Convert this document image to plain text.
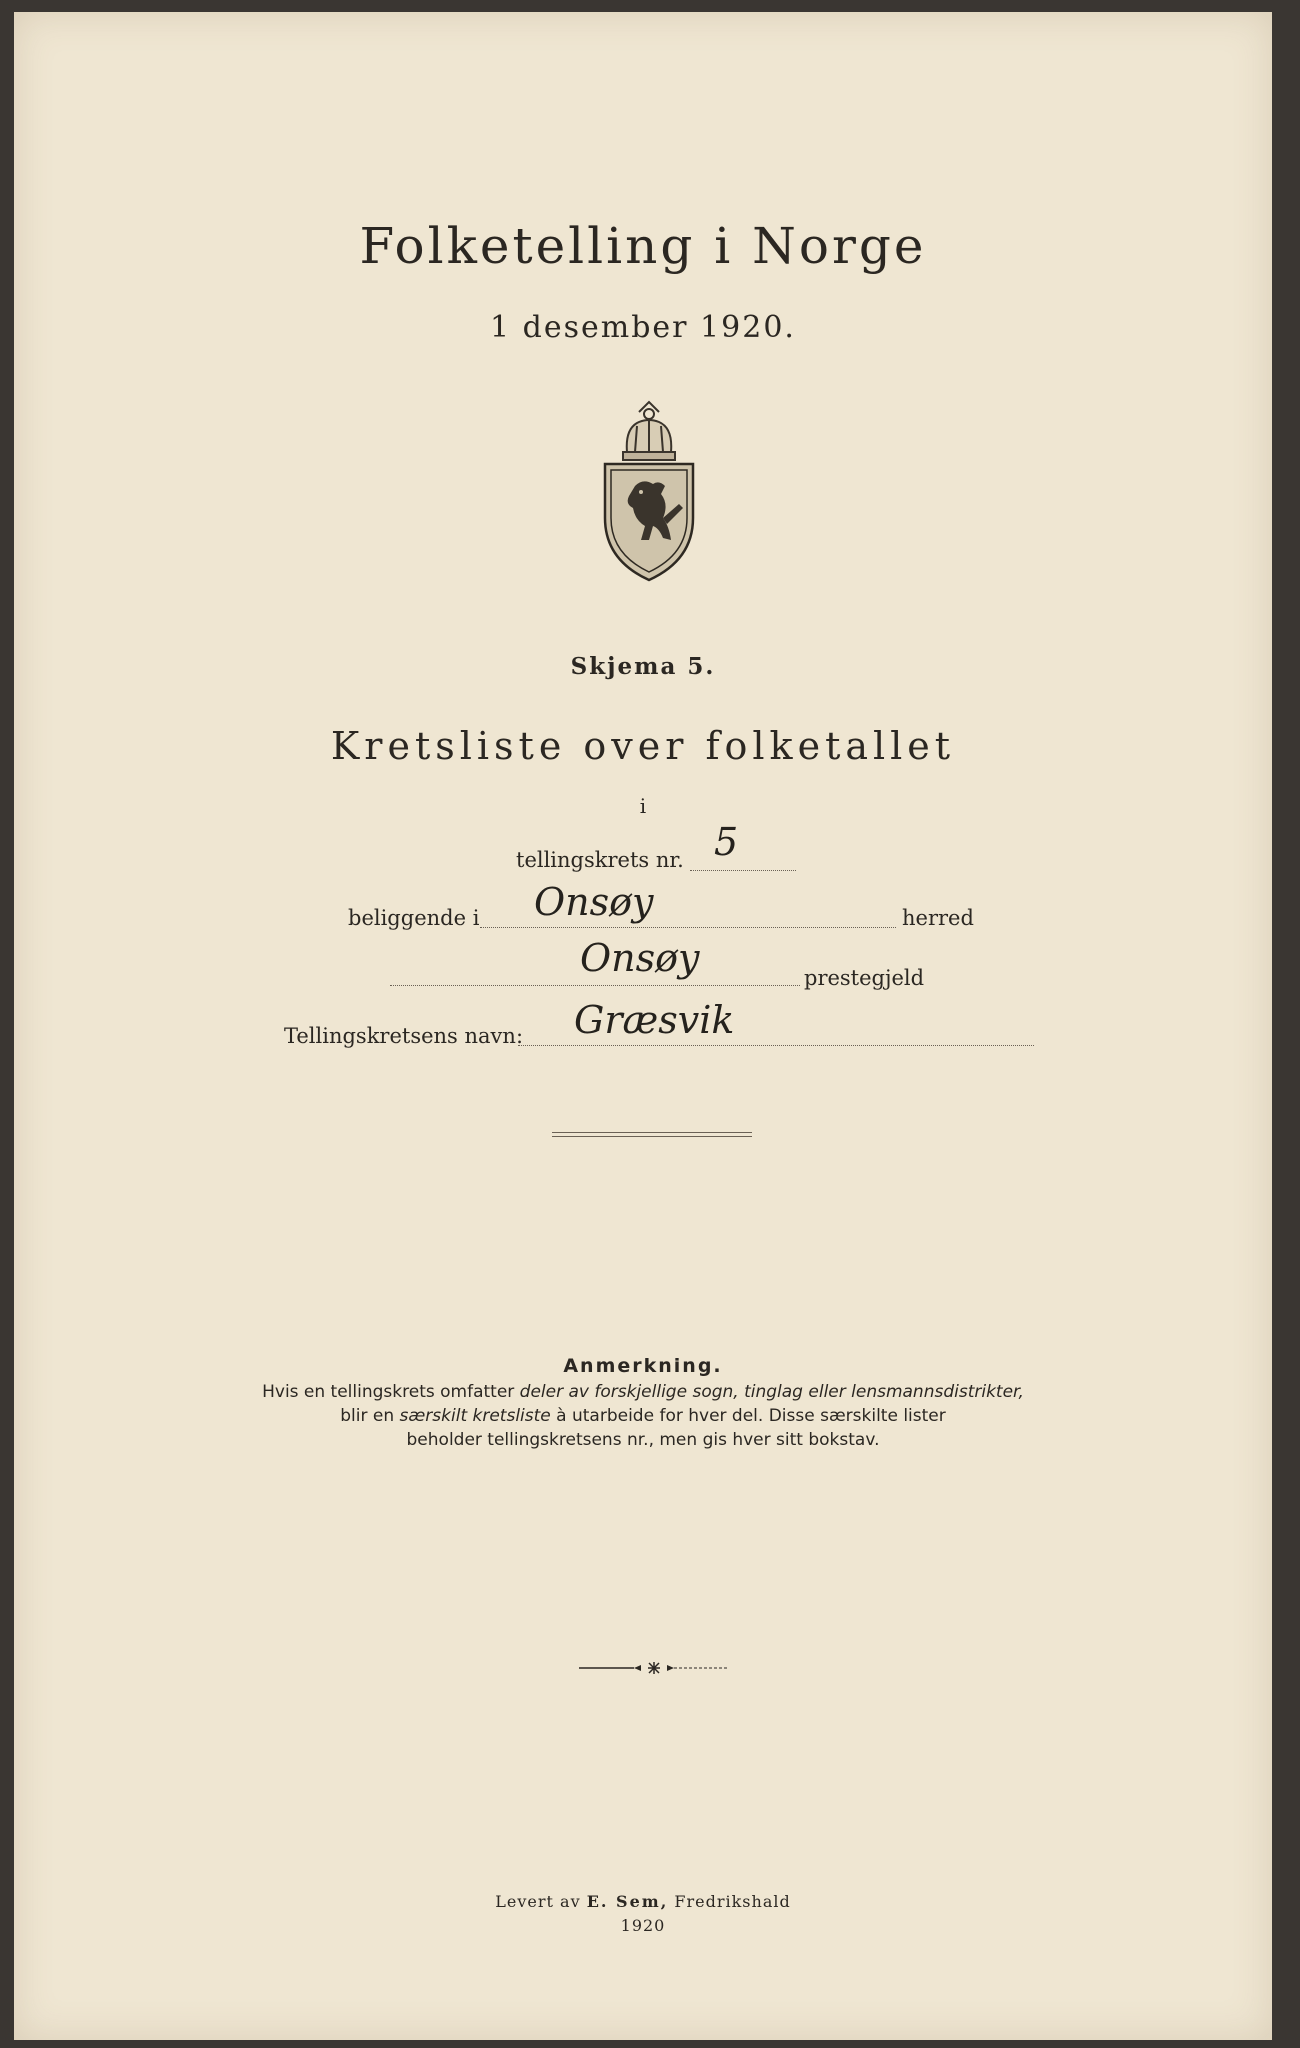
Folketelling i Norge
1 desember 1920.
Skjema 5.
Kretsliste over folketallet
i
tellingskrets nr. 5
beliggende i Onsøy	herred
Onsøy	prestegjeld
Tellingskretsens navn: Græsvik
Anmerkning.
Hvis en tellingskrets omfatter deler av forskjellige sogn, tinglag eller lensmannsdistrikter,
blir en særskilt kretsliste à utarbeide for hver del. Disse særskilte lister
beholder tellingskretsens nr., men gis hver sitt bokstav.
Levert av E. Sem, Fredrikshald
1920
